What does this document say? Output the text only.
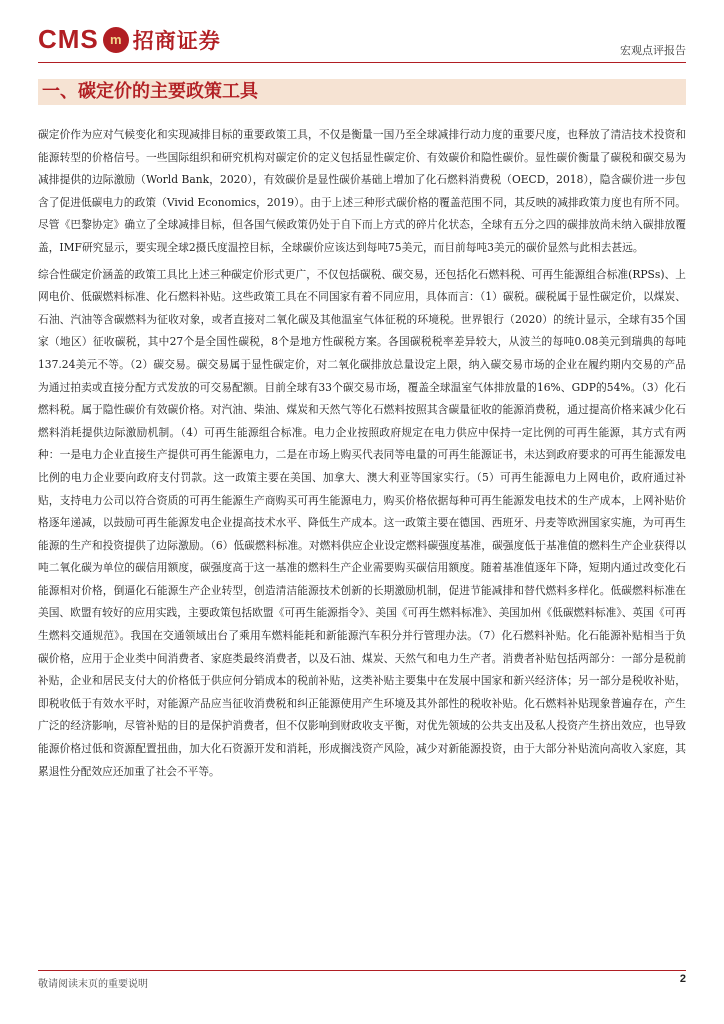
CMS m 招商证券	宏观点评报告
一、碳定价的主要政策工具

碳定价作为应对气候变化和实现减排目标的重要政策工具，不仅是衡量一国乃至全球减排行动力度的重要尺度，也释放了清洁技术投资和能源转型的价格信号。一些国际组织和研究机构对碳定价的定义包括显性碳定价、有效碳价和隐性碳价。显性碳价衡量了碳税和碳交易为减排提供的边际激励（World Bank，2020），有效碳价是显性碳价基础上增加了化石燃料消费税（OECD，2018），隐含碳价进一步包含了促进低碳电力的政策（Vivid Economics，2019）。由于上述三种形式碳价格的覆盖范围不同，其反映的减排政策力度也有所不同。尽管《巴黎协定》确立了全球减排目标，但各国气候政策仍处于自下而上方式的碎片化状态，全球有五分之四的碳排放尚未纳入碳排放覆盖，IMF研究显示，要实现全球2摄氏度温控目标，全球碳价应该达到每吨75美元，而目前每吨3美元的碳价显然与此相去甚远。

综合性碳定价涵盖的政策工具比上述三种碳定价形式更广，不仅包括碳税、碳交易，还包括化石燃料税、可再生能源组合标准(RPSs)、上网电价、低碳燃料标准、化石燃料补贴。这些政策工具在不同国家有着不同应用，具体而言：（1）碳税。碳税属于显性碳定价，以煤炭、石油、汽油等含碳燃料为征收对象，或者直接对二氧化碳及其他温室气体征税的环境税。世界银行（2020）的统计显示，全球有35个国家（地区）征收碳税，其中27个是全国性碳税，8个是地方性碳税方案。各国碳税税率差异较大，从波兰的每吨0.08美元到瑞典的每吨137.24美元不等。（2）碳交易。碳交易属于显性碳定价，对二氧化碳排放总量设定上限，纳入碳交易市场的企业在履约期内交易的产品为通过拍卖或直接分配方式发放的可交易配额。目前全球有33个碳交易市场，覆盖全球温室气体排放量的16%、GDP的54%。（3）化石燃料税。属于隐性碳价有效碳价格。对汽油、柴油、煤炭和天然气等化石燃料按照其含碳量征收的能源消费税，通过提高价格来减少化石燃料消耗提供边际激励机制。（4）可再生能源组合标准。电力企业按照政府规定在电力供应中保持一定比例的可再生能源，其方式有两种：一是电力企业直接生产提供可再生能源电力，二是在市场上购买代表同等电量的可再生能源证书，未达到政府要求的可再生能源发电比例的电力企业要向政府支付罚款。这一政策主要在美国、加拿大、澳大利亚等国家实行。（5）可再生能源电力上网电价，政府通过补贴，支持电力公司以符合资质的可再生能源生产商购买可再生能源电力，购买价格依据每种可再生能源发电技术的生产成本，上网补贴价格逐年递减，以鼓励可再生能源发电企业提高技术水平、降低生产成本。这一政策主要在德国、西班牙、丹麦等欧洲国家实施，为可再生能源的生产和投资提供了边际激励。（6）低碳燃料标准。对燃料供应企业设定燃料碳强度基准，碳强度低于基准值的燃料生产企业获得以吨二氧化碳为单位的碳信用额度，碳强度高于这一基准的燃料生产企业需要购买碳信用额度。随着基准值逐年下降，短期内通过改变化石能源相对价格，倒逼化石能源生产企业转型，创造清洁能源技术创新的长期激励机制，促进节能减排和替代燃料多样化。低碳燃料标准在美国、欧盟有较好的应用实践，主要政策包括欧盟《可再生能源指令》、美国《可再生燃料标准》、美国加州《低碳燃料标准》、英国《可再生燃料交通规范》。我国在交通领域出台了乘用车燃料能耗和新能源汽车积分并行管理办法。（7）化石燃料补贴。化石能源补贴相当于负碳价格，应用于企业类中间消费者、家庭类最终消费者，以及石油、煤炭、天然气和电力生产者。消费者补贴包括两部分：一部分是税前补贴，企业和居民支付大的价格低于供应何分销成本的税前补贴，这类补贴主要集中在发展中国家和新兴经济体；另一部分是税收补贴，即税收低于有效水平时，对能源产品应当征收消费税和纠正能源使用产生环境及其外部性的税收补贴。化石燃料补贴现象普遍存在，产生广泛的经济影响，尽管补贴的目的是保护消费者，但不仅影响到财政收支平衡，对优先领域的公共支出及私人投资产生挤出效应，也导致能源价格过低和资源配置扭曲，加大化石资源开发和消耗，形成搁浅资产风险，减少对新能源投资，由于大部分补贴流向高收入家庭，其累退性分配效应还加重了社会不平等。

敬请阅读末页的重要说明	2
